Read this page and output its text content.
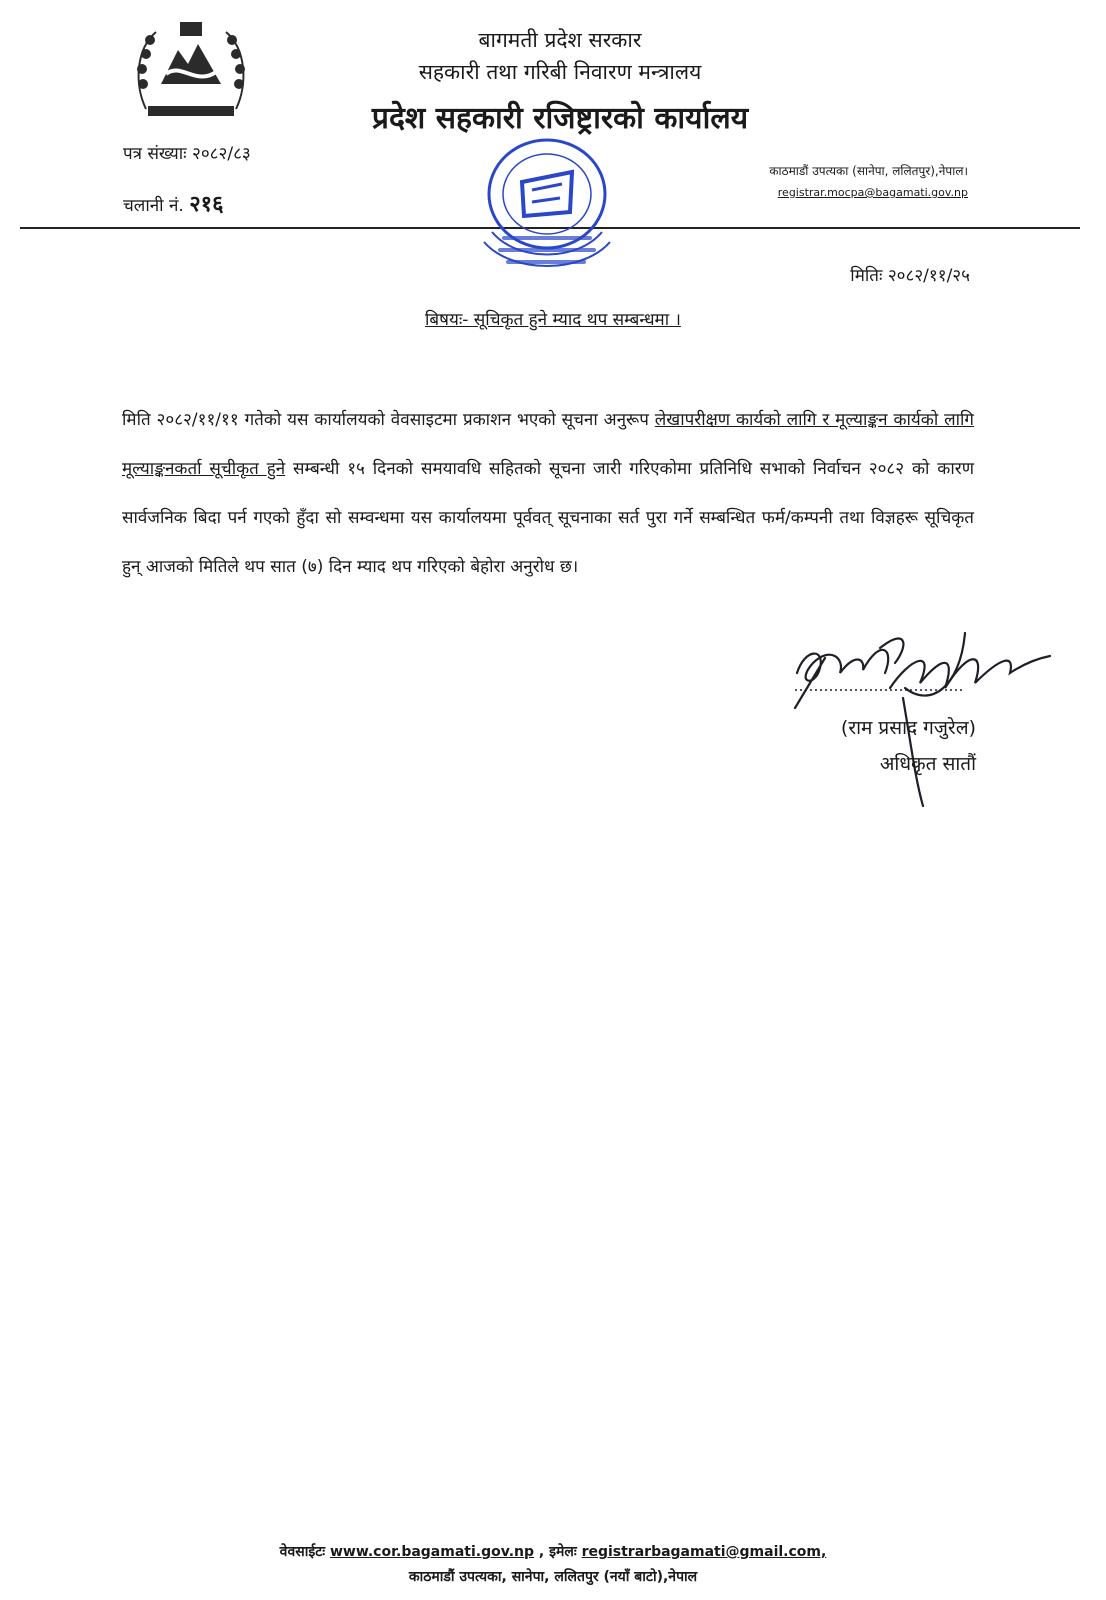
बागमती प्रदेश सरकार
सहकारी तथा गरिबी निवारण मन्त्रालय
प्रदेश सहकारी रजिष्ट्रारको कार्यालय
पत्र संख्याः २०८२/८३
चलानी नं. २१६
काठमाडौं उपत्यका (सानेपा, ललितपुर),नेपाल।
registrar.mocpa@bagamati.gov.np
मितिः २०८२/११/२५
बिषयः- सूचिकृत हुने म्याद थप सम्बन्धमा ।
मिति २०८२/११/११ गतेको यस कार्यालयको वेवसाइटमा प्रकाशन भएको सूचना अनुरूप लेखापरीक्षण कार्यको लागि र मूल्याङ्कन कार्यको लागि मूल्याङ्कनकर्ता सूचीकृत हुने सम्बन्धी १५ दिनको समयावधि सहितको सूचना जारी गरिएकोमा प्रतिनिधि सभाको निर्वाचन २०८२ को कारण सार्वजनिक बिदा पर्न गएको हुँदा सो सम्वन्धमा यस कार्यालयमा पूर्ववत् सूचनाका सर्त पुरा गर्ने सम्बन्धित फर्म/कम्पनी तथा विज्ञहरू सूचिकृत हुन् आजको मितिले थप सात (७) दिन म्याद थप गरिएको बेहोरा अनुरोध छ।
(राम प्रसाद गजुरेल)
अधिकृत सातौं
वेवसाईटः www.cor.bagamati.gov.np , इमेलः registrarbagamati@gmail.com,
काठमाडौं उपत्यका, सानेपा, ललितपुर (नयाँ बाटो),नेपाल
